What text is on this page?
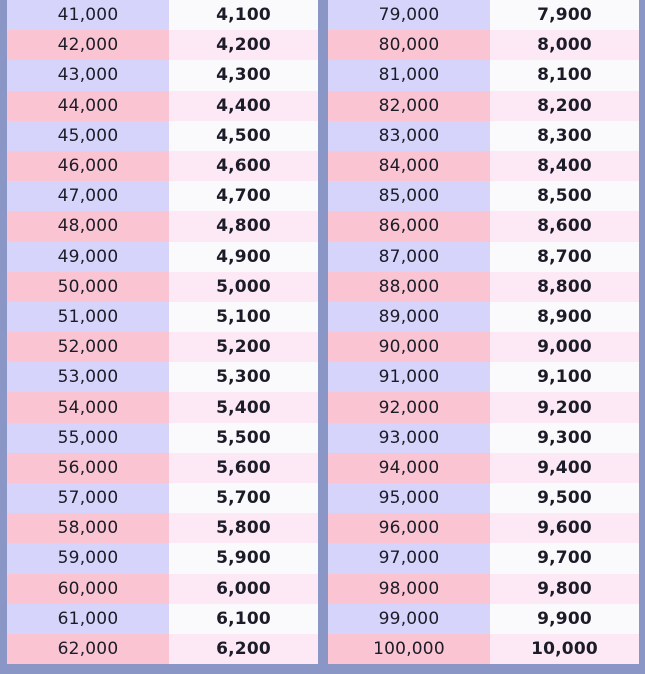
41,000	4,100
42,000	4,200
43,000	4,300
44,000	4,400
45,000	4,500
46,000	4,600
47,000	4,700
48,000	4,800
49,000	4,900
50,000	5,000
51,000	5,100
52,000	5,200
53,000	5,300
54,000	5,400
55,000	5,500
56,000	5,600
57,000	5,700
58,000	5,800
59,000	5,900
60,000	6,000
61,000	6,100
62,000	6,200
79,000	7,900
80,000	8,000
81,000	8,100
82,000	8,200
83,000	8,300
84,000	8,400
85,000	8,500
86,000	8,600
87,000	8,700
88,000	8,800
89,000	8,900
90,000	9,000
91,000	9,100
92,000	9,200
93,000	9,300
94,000	9,400
95,000	9,500
96,000	9,600
97,000	9,700
98,000	9,800
99,000	9,900
100,000	10,000
